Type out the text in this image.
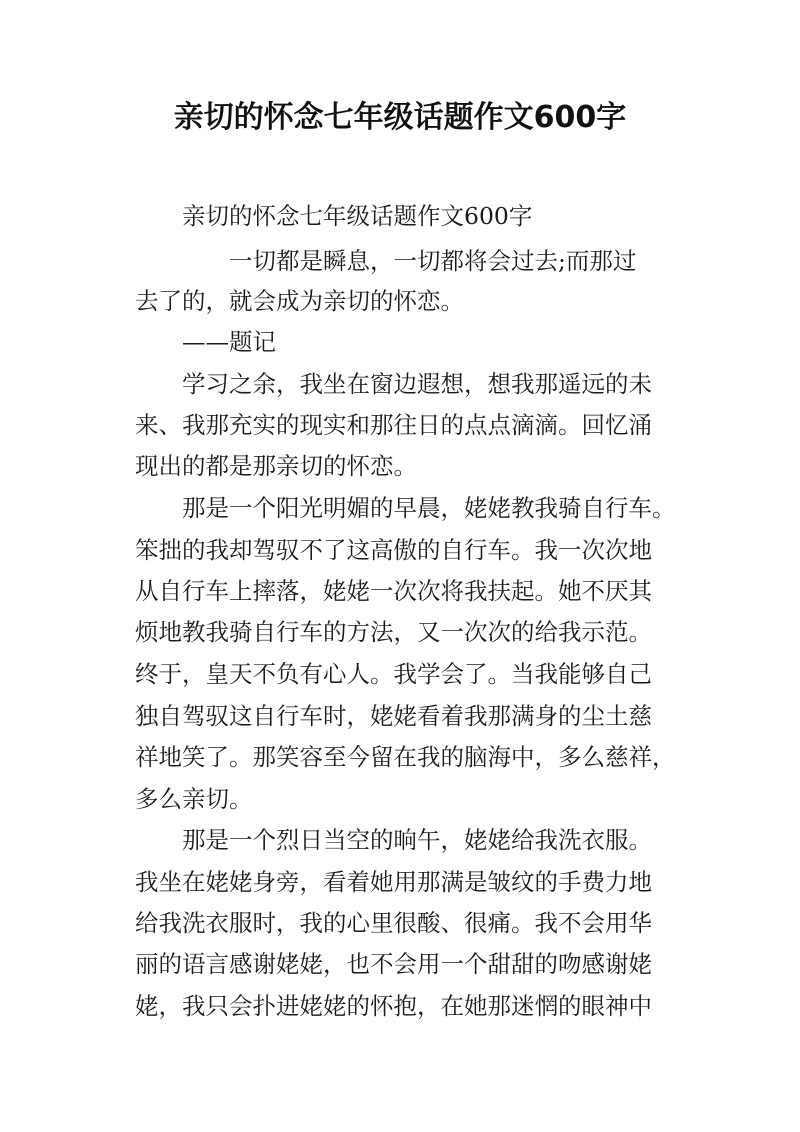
亲切的怀念七年级话题作文600字
亲切的怀念七年级话题作文600字
一切都是瞬息，一切都将会过去;而那过
去了的，就会成为亲切的怀恋。
——题记
学习之余，我坐在窗边遐想，想我那遥远的未
来、我那充实的现实和那往日的点点滴滴。回忆涌
现出的都是那亲切的怀恋。
那是一个阳光明媚的早晨，姥姥教我骑自行车。
笨拙的我却驾驭不了这高傲的自行车。我一次次地
从自行车上摔落，姥姥一次次将我扶起。她不厌其
烦地教我骑自行车的方法，又一次次的给我示范。
终于，皇天不负有心人。我学会了。当我能够自己
独自驾驭这自行车时，姥姥看着我那满身的尘土慈
祥地笑了。那笑容至今留在我的脑海中，多么慈祥，
多么亲切。
那是一个烈日当空的晌午，姥姥给我洗衣服。
我坐在姥姥身旁，看着她用那满是皱纹的手费力地
给我洗衣服时，我的心里很酸、很痛。我不会用华
丽的语言感谢姥姥，也不会用一个甜甜的吻感谢姥
姥，我只会扑进姥姥的怀抱，在她那迷惘的眼神中
